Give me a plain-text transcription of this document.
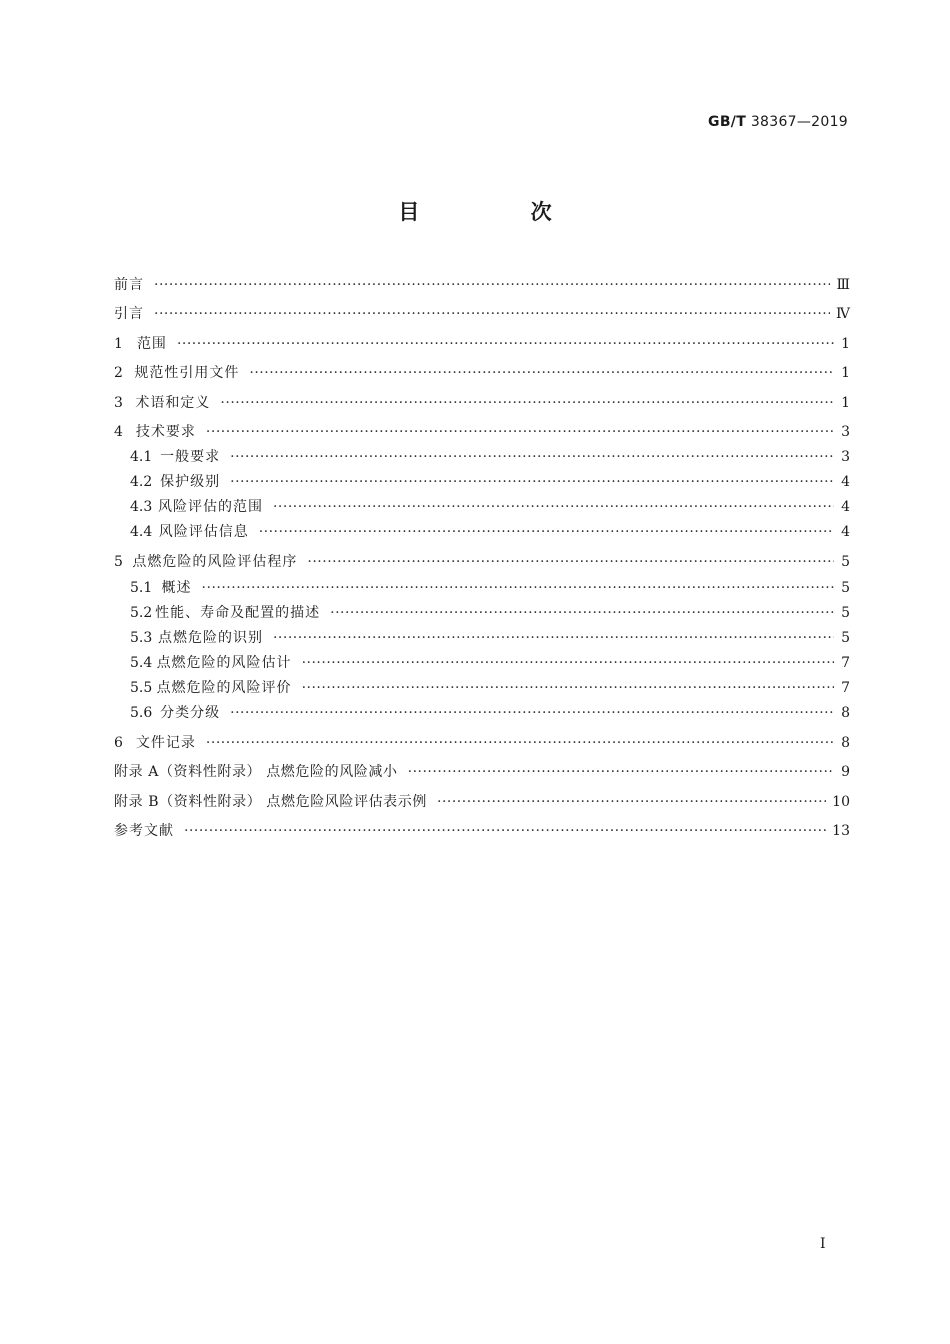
GB/T 38367—2019
目 次
前言 ·····	Ⅲ
引言 ·····	Ⅳ
1	范围 ·····	1
2 规范性引用文件 ·····	1
3 术语和定义 ·····	1
4 技术要求 ·····	3
4.1 一般要求 ·····	3
4.2 保护级别 ·····	4
4.3 风险评估的范围 ·····	4
4.4 风险评估信息 ·····	4
5 点燃危险的风险评估程序 ·····	5
5.1 概述 ·····	5
5.2 性能、寿命及配置的描述 ·····	5
5.3 点燃危险的识别 ·····	5
5.4 点燃危险的风险估计 ·····	7
5.5 点燃危险的风险评价 ·····	7
5.6 分类分级 ·····	8
6 文件记录 ·····	8
附录 A（资料性附录） 点燃危险的风险减小 ·····	9
附录 B（资料性附录） 点燃危险风险评估表示例 ·····	10
参考文献 ·····	13
Ⅰ
